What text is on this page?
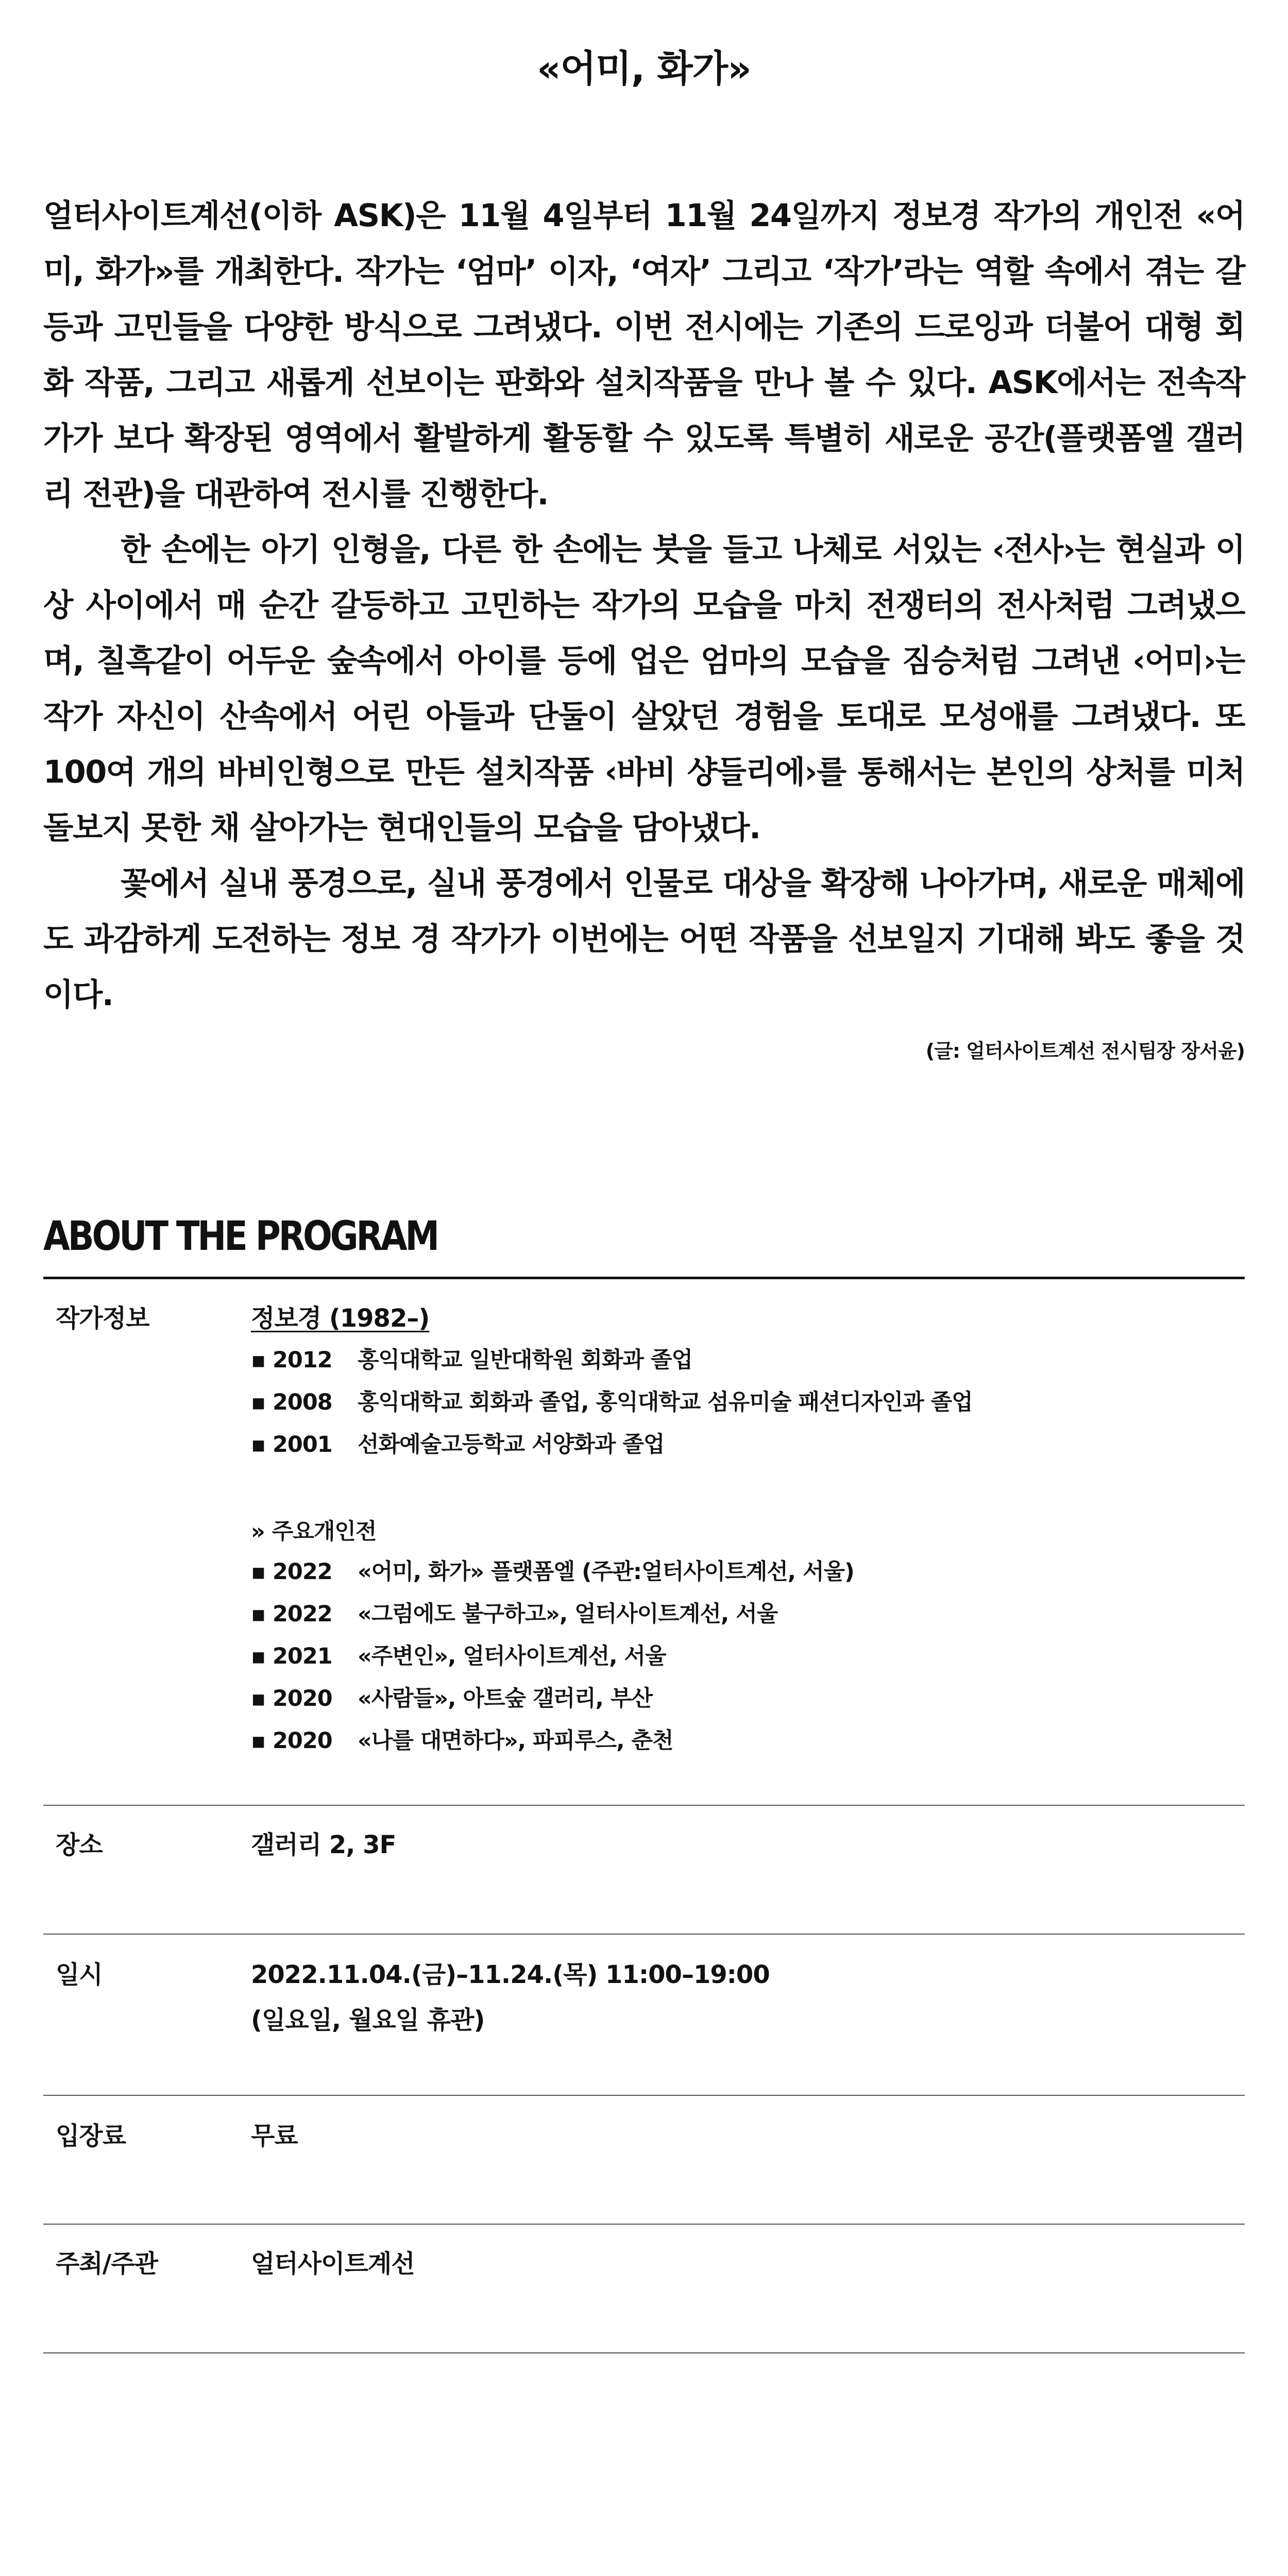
«어미, 화가»

얼터사이트계선(이하 ASK)은 11월 4일부터 11월 24일까지 정보경 작가의 개인전 «어미, 화가»를 개최한다. 작가는 ‘엄마’ 이자, ‘여자’ 그리고 ‘작가’라는 역할 속에서 겪는 갈등과 고민들을 다양한 방식으로 그려냈다. 이번 전시에는 기존의 드로잉과 더불어 대형 회화 작품, 그리고 새롭게 선보이는 판화와 설치작품을 만나 볼 수 있다. ASK에서는 전속작가가 보다 확장된 영역에서 활발하게 활동할 수 있도록 특별히 새로운 공간(플랫폼엘 갤러리 전관)을 대관하여 전시를 진행한다.

한 손에는 아기 인형을, 다른 한 손에는 붓을 들고 나체로 서있는 ‹전사›는 현실과 이상 사이에서 매 순간 갈등하고 고민하는 작가의 모습을 마치 전쟁터의 전사처럼 그려냈으며, 칠흑같이 어두운 숲속에서 아이를 등에 업은 엄마의 모습을 짐승처럼 그려낸 ‹어미›는 작가 자신이 산속에서 어린 아들과 단둘이 살았던 경험을 토대로 모성애를 그려냈다. 또 100여 개의 바비인형으로 만든 설치작품 ‹바비 샹들리에›를 통해서는 본인의 상처를 미처 돌보지 못한 채 살아가는 현대인들의 모습을 담아냈다.

꽃에서 실내 풍경으로, 실내 풍경에서 인물로 대상을 확장해 나아가며, 새로운 매체에도 과감하게 도전하는 정보 경 작가가 이번에는 어떤 작품을 선보일지 기대해 봐도 좋을 것이다.

(글: 얼터사이트계선 전시팀장 장서윤)
ABOUT THE PROGRAM
작가정보	정보경 (1982–)
▪ 2012 홍익대학교 일반대학원 회화과 졸업
▪ 2008 홍익대학교 회화과 졸업, 홍익대학교 섬유미술 패션디자인과 졸업
▪ 2001 선화예술고등학교 서양화과 졸업
» 주요개인전
▪ 2022 «어미, 화가» 플랫폼엘 (주관:얼터사이트계선, 서울)
▪ 2022 «그럼에도 불구하고», 얼터사이트계선, 서울
▪ 2021 «주변인», 얼터사이트계선, 서울
▪ 2020 «사람들», 아트숲 갤러리, 부산
▪ 2020 «나를 대면하다», 파피루스, 춘천
장소	갤러리 2, 3F
일시	2022.11.04.(금)–11.24.(목) 11:00–19:00
(일요일, 월요일 휴관)
입장료	무료
주최/주관	얼터사이트계선
